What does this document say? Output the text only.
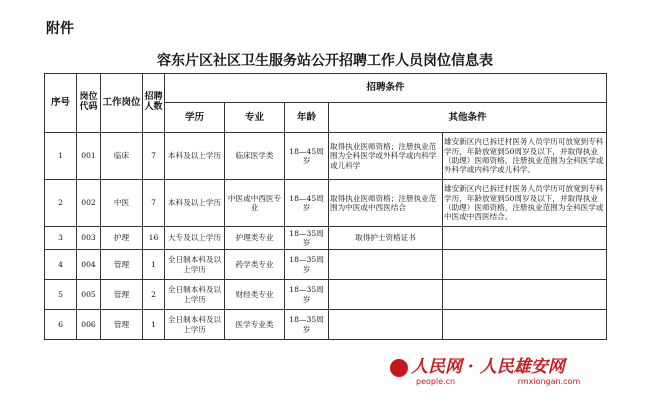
附件
容东片区社区卫生服务站公开招聘工作人员岗位信息表
序号	岗位代码	工作岗位	招聘人数	招聘条件				
				学历	专业	年龄	其他条件	
1	001	临床	7	本科及以上学历	临床医学类	18—45周岁	取得执业医师资格；注册执业范围为全科医学或外科学或内科学或儿科学	雄安新区内已拆迁村医务人员学历可放宽到专科学历，年龄放宽到50周岁及以下，并取得执业（助理）医师资格，注册执业范围为全科医学或外科学或内科学或儿科学。
2	002	中医	7	本科及以上学历	中医或中西医专业	18—45周岁	取得执业医师资格；注册执业范围为中医或中西医结合	雄安新区内已拆迁村医务人员学历可放宽到专科学历，年龄放宽到50周岁及以下，并取得执业（助理）医师资格，注册执业范围为全科医学或中医或中西医结合。
3	003	护理	16	大专及以上学历	护理类专业	18—35周岁	取得护士资格证书	
4	004	管理	1	全日制本科及以上学历	药学类专业	18—35周岁		
5	005	管理	2	全日制本科及以上学历	财经类专业	18—35周岁		
6	006	管理	1	全日制本科及以上学历	医学专业类	18—35周岁		
人民网 · 人民雄安网
people.cn	rmxiongan.com
